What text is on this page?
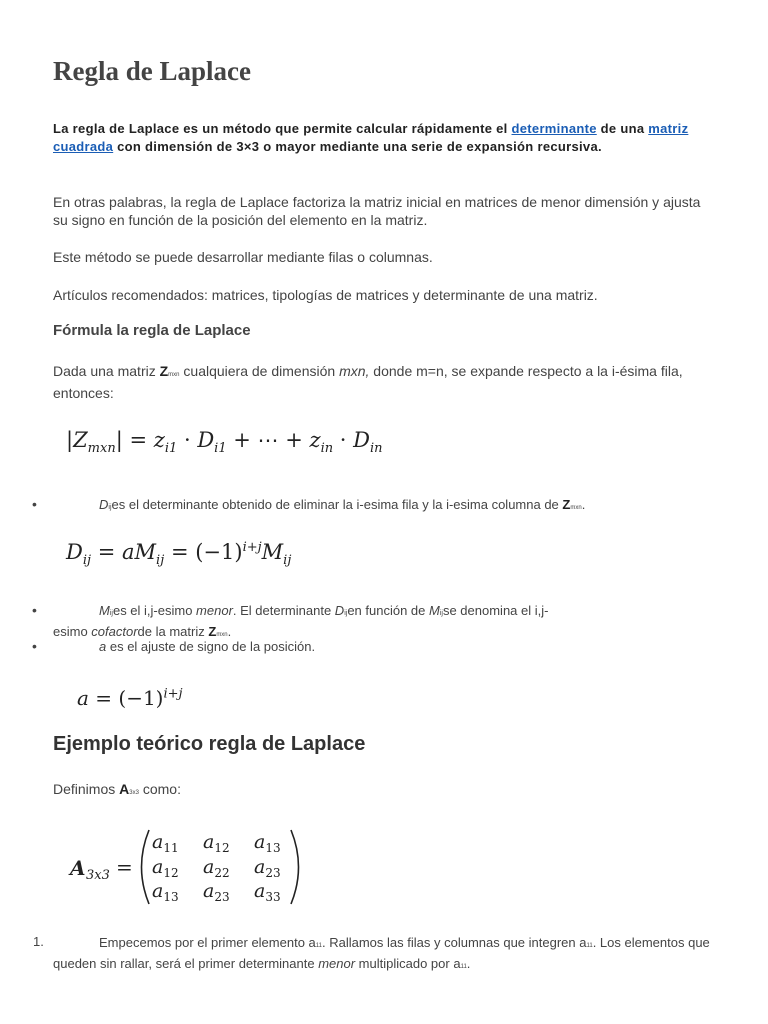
Regla de Laplace

La regla de Laplace es un método que permite calcular rápidamente el determinante de una matriz cuadrada con dimensión de 3×3 o mayor mediante una serie de expansión recursiva.

En otras palabras, la regla de Laplace factoriza la matriz inicial en matrices de menor dimensión y ajusta su signo en función de la posición del elemento en la matriz.

Este método se puede desarrollar mediante filas o columnas.

Artículos recomendados: matrices, tipologías de matrices y determinante de una matriz.

Fórmula la regla de Laplace

Dada una matriz Zmxn cualquiera de dimensión mxn, donde m=n, se expande respecto a la i-ésima fila, entonces:

$|Z_{mxn}| = z_{i1} \cdot D_{i1}$ + ⋯ + $z_{in} \cdot D_{in}$
•	Dijes el determinante obtenido de eliminar la i-esima fila y la i-esima columna de Zmxn.
$D_{ij} = aM_{ij} = (-1)^{i+j}M_{ij}$
•	Mijes el i,j-esimo menor. El determinante Dijen función de Mijse denomina el i,j-
esimo cofactorde la matriz Zmxn.
•	a es el ajuste de signo de la posición.
$a = (-1)^{i+j}$
Ejemplo teórico regla de Laplace

Definimos A3x3 como:

A 3x3 =
$a_{11}$ $a_{12}$ $a_{13}$
$a_{12}$ $a_{22}$ $a_{23}$
$a_{13}$ $a_{23}$ $a_{33}$
1.	Empecemos por el primer elemento a11. Rallamos las filas y columnas que integren a11. Los elementos que queden sin rallar, será el primer determinante menor multiplicado por a11.
